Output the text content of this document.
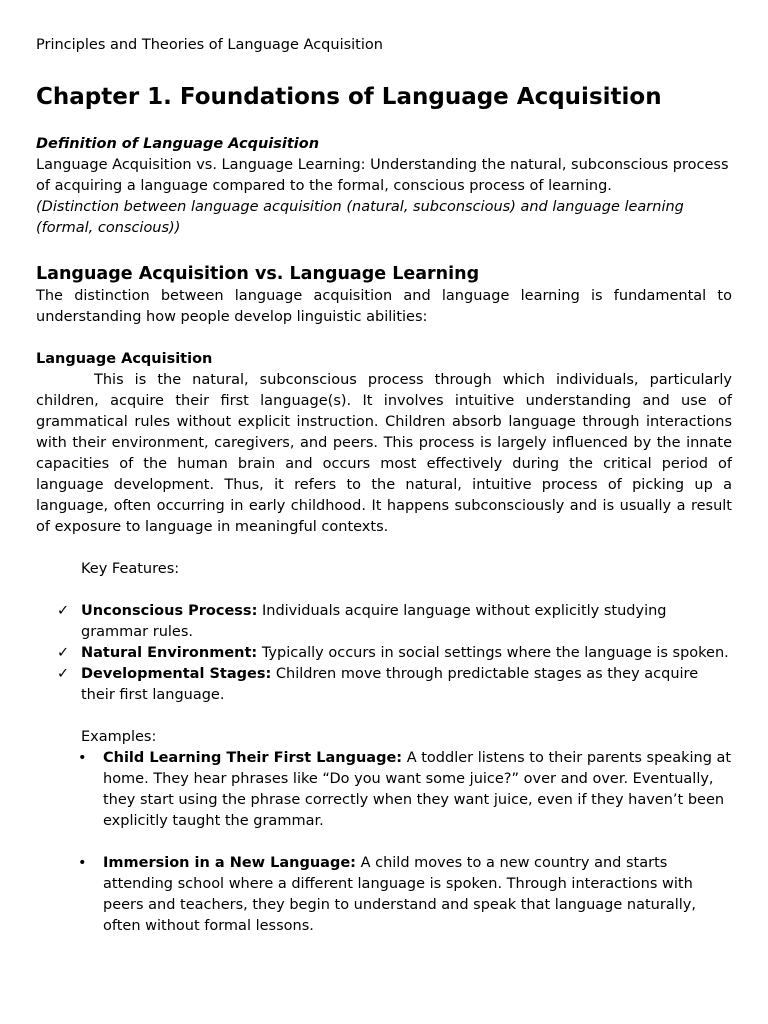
Principles and Theories of Language Acquisition

Chapter 1. Foundations of Language Acquisition

Definition of Language Acquisition

Language Acquisition vs. Language Learning: Understanding the natural, subconscious process of acquiring a language compared to the formal, conscious process of learning.

(Distinction between language acquisition (natural, subconscious) and language learning (formal, conscious))

Language Acquisition vs. Language Learning

The distinction between language acquisition and language learning is fundamental to understanding how people develop linguistic abilities:

Language Acquisition

This is the natural, subconscious process through which individuals, particularly children, acquire their first language(s). It involves intuitive understanding and use of grammatical rules without explicit instruction. Children absorb language through interactions with their environment, caregivers, and peers. This process is largely influenced by the innate capacities of the human brain and occurs most effectively during the critical period of language development. Thus, it refers to the natural, intuitive process of picking up a language, often occurring in early childhood. It happens subconsciously and is usually a result of exposure to language in meaningful contexts.

Key Features:

✓ Unconscious Process: Individuals acquire language without explicitly studying grammar rules.
✓ Natural Environment: Typically occurs in social settings where the language is spoken.
✓ Developmental Stages: Children move through predictable stages as they acquire their first language.

Examples:

• Child Learning Their First Language: A toddler listens to their parents speaking at home. They hear phrases like “Do you want some juice?” over and over. Eventually, they start using the phrase correctly when they want juice, even if they haven’t been explicitly taught the grammar.
• Immersion in a New Language: A child moves to a new country and starts attending school where a different language is spoken. Through interactions with peers and teachers, they begin to understand and speak that language naturally, often without formal lessons.
